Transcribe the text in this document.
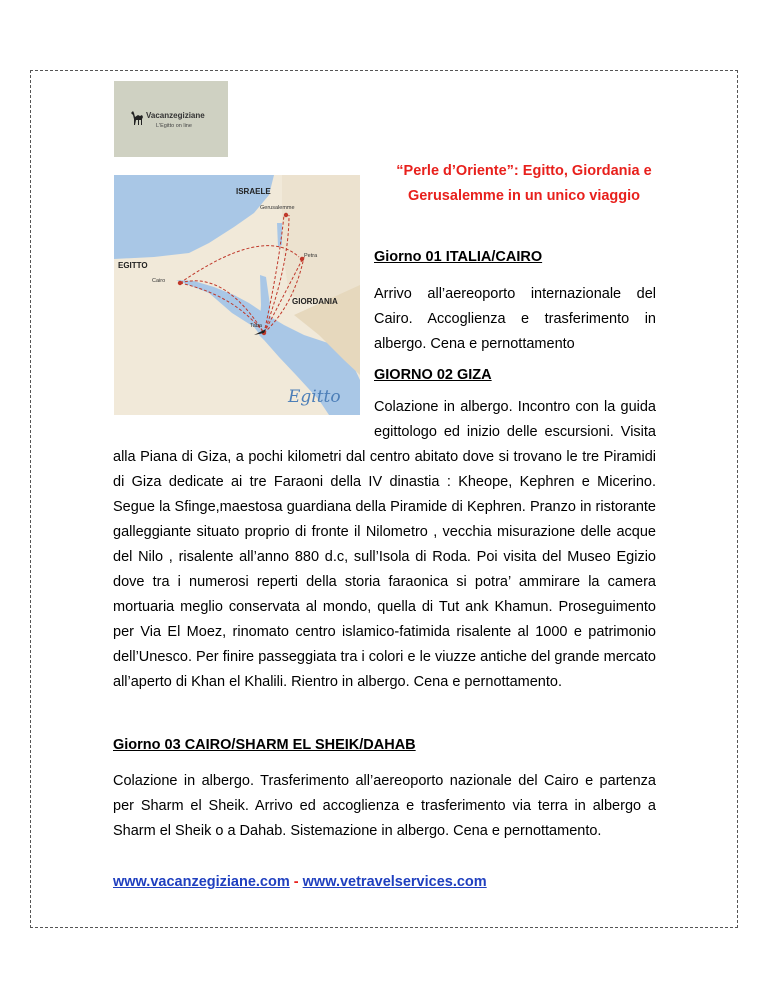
Vacanzegiziane
L'Egitto on line
ISRAELE
Gerusalemme
Petra
EGITTO
Cairo
GIORDANIA
Taba
Egitto
“Perle d’Oriente”: Egitto, Giordania e
Gerusalemme in un unico viaggio
Giorno 01 ITALIA/CAIRO

Arrivo all’aereoporto internazionale del Cairo. Accoglienza e trasferimento in albergo. Cena e pernottamento

GIORNO 02 GIZA
Colazione in albergo. Incontro con la guida egittologo ed inizio delle escursioni. Visita alla Piana di Giza, a pochi kilometri dal centro abitato dove si trovano le tre Piramidi di Giza dedicate ai tre Faraoni della IV dinastia : Kheope, Kephren e Micerino. Segue la Sfinge,maestosa guardiana della Piramide di Kephren. Pranzo in ristorante galleggiante situato proprio di fronte il Nilometro , vecchia misurazione delle acque del Nilo , risalente all’anno 880 d.c, sull’Isola di Roda. Poi visita del Museo Egizio dove tra i numerosi reperti della storia faraonica si potra’ ammirare la camera mortuaria meglio conservata al mondo, quella di Tut ank Khamun. Proseguimento per Via El Moez, rinomato centro islamico-fatimida risalente al 1000 e patrimonio dell’Unesco. Per finire passeggiata tra i colori e le viuzze antiche del grande mercato all’aperto di Khan el Khalili. Rientro in albergo. Cena e pernottamento.
Giorno 03 CAIRO/SHARM EL SHEIK/DAHAB

Colazione in albergo. Trasferimento all’aereoporto nazionale del Cairo e partenza per Sharm el Sheik. Arrivo ed accoglienza e trasferimento via terra in albergo a Sharm el Sheik o a Dahab. Sistemazione in albergo. Cena e pernottamento.

www.vacanzegiziane.com - www.vetravelservices.com
